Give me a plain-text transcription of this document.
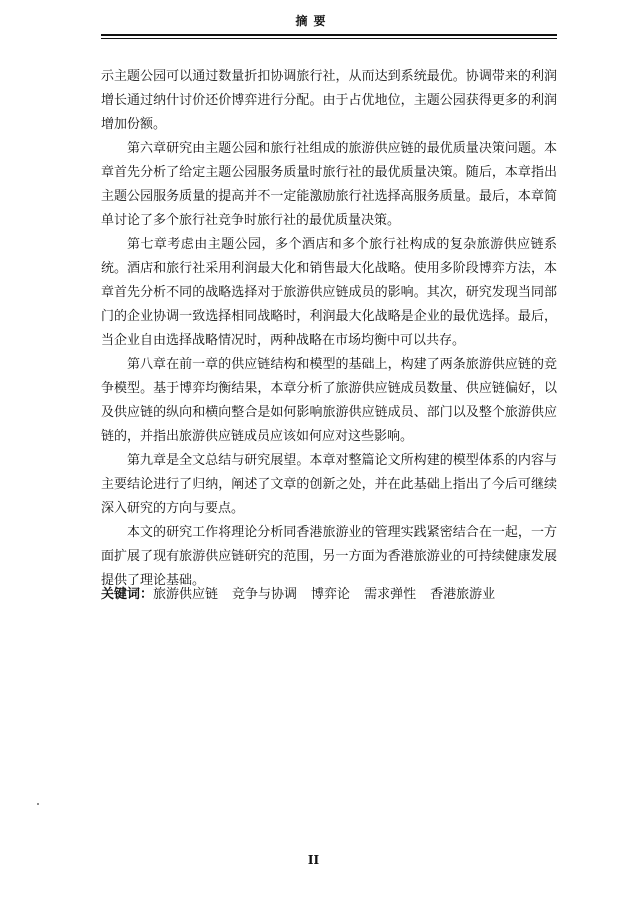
摘要

示主题公园可以通过数量折扣协调旅行社，从而达到系统最优。协调带来的利润增长通过纳什讨价还价博弈进行分配。由于占优地位，主题公园获得更多的利润增加份额。

第六章研究由主题公园和旅行社组成的旅游供应链的最优质量决策问题。本章首先分析了给定主题公园服务质量时旅行社的最优质量决策。随后，本章指出主题公园服务质量的提高并不一定能激励旅行社选择高服务质量。最后，本章简单讨论了多个旅行社竞争时旅行社的最优质量决策。

第七章考虑由主题公园，多个酒店和多个旅行社构成的复杂旅游供应链系统。酒店和旅行社采用利润最大化和销售最大化战略。使用多阶段博弈方法，本章首先分析不同的战略选择对于旅游供应链成员的影响。其次，研究发现当同部门的企业协调一致选择相同战略时，利润最大化战略是企业的最优选择。最后，当企业自由选择战略情况时，两种战略在市场均衡中可以共存。

第八章在前一章的供应链结构和模型的基础上，构建了两条旅游供应链的竞争模型。基于博弈均衡结果，本章分析了旅游供应链成员数量、供应链偏好，以及供应链的纵向和横向整合是如何影响旅游供应链成员、部门以及整个旅游供应链的，并指出旅游供应链成员应该如何应对这些影响。

第九章是全文总结与研究展望。本章对整篇论文所构建的模型体系的内容与主要结论进行了归纳，阐述了文章的创新之处，并在此基础上指出了今后可继续深入研究的方向与要点。

本文的研究工作将理论分析同香港旅游业的管理实践紧密结合在一起，一方面扩展了现有旅游供应链研究的范围，另一方面为香港旅游业的可持续健康发展提供了理论基础。

关键词：旅游供应链 竞争与协调 博弈论 需求弹性 香港旅游业
II
